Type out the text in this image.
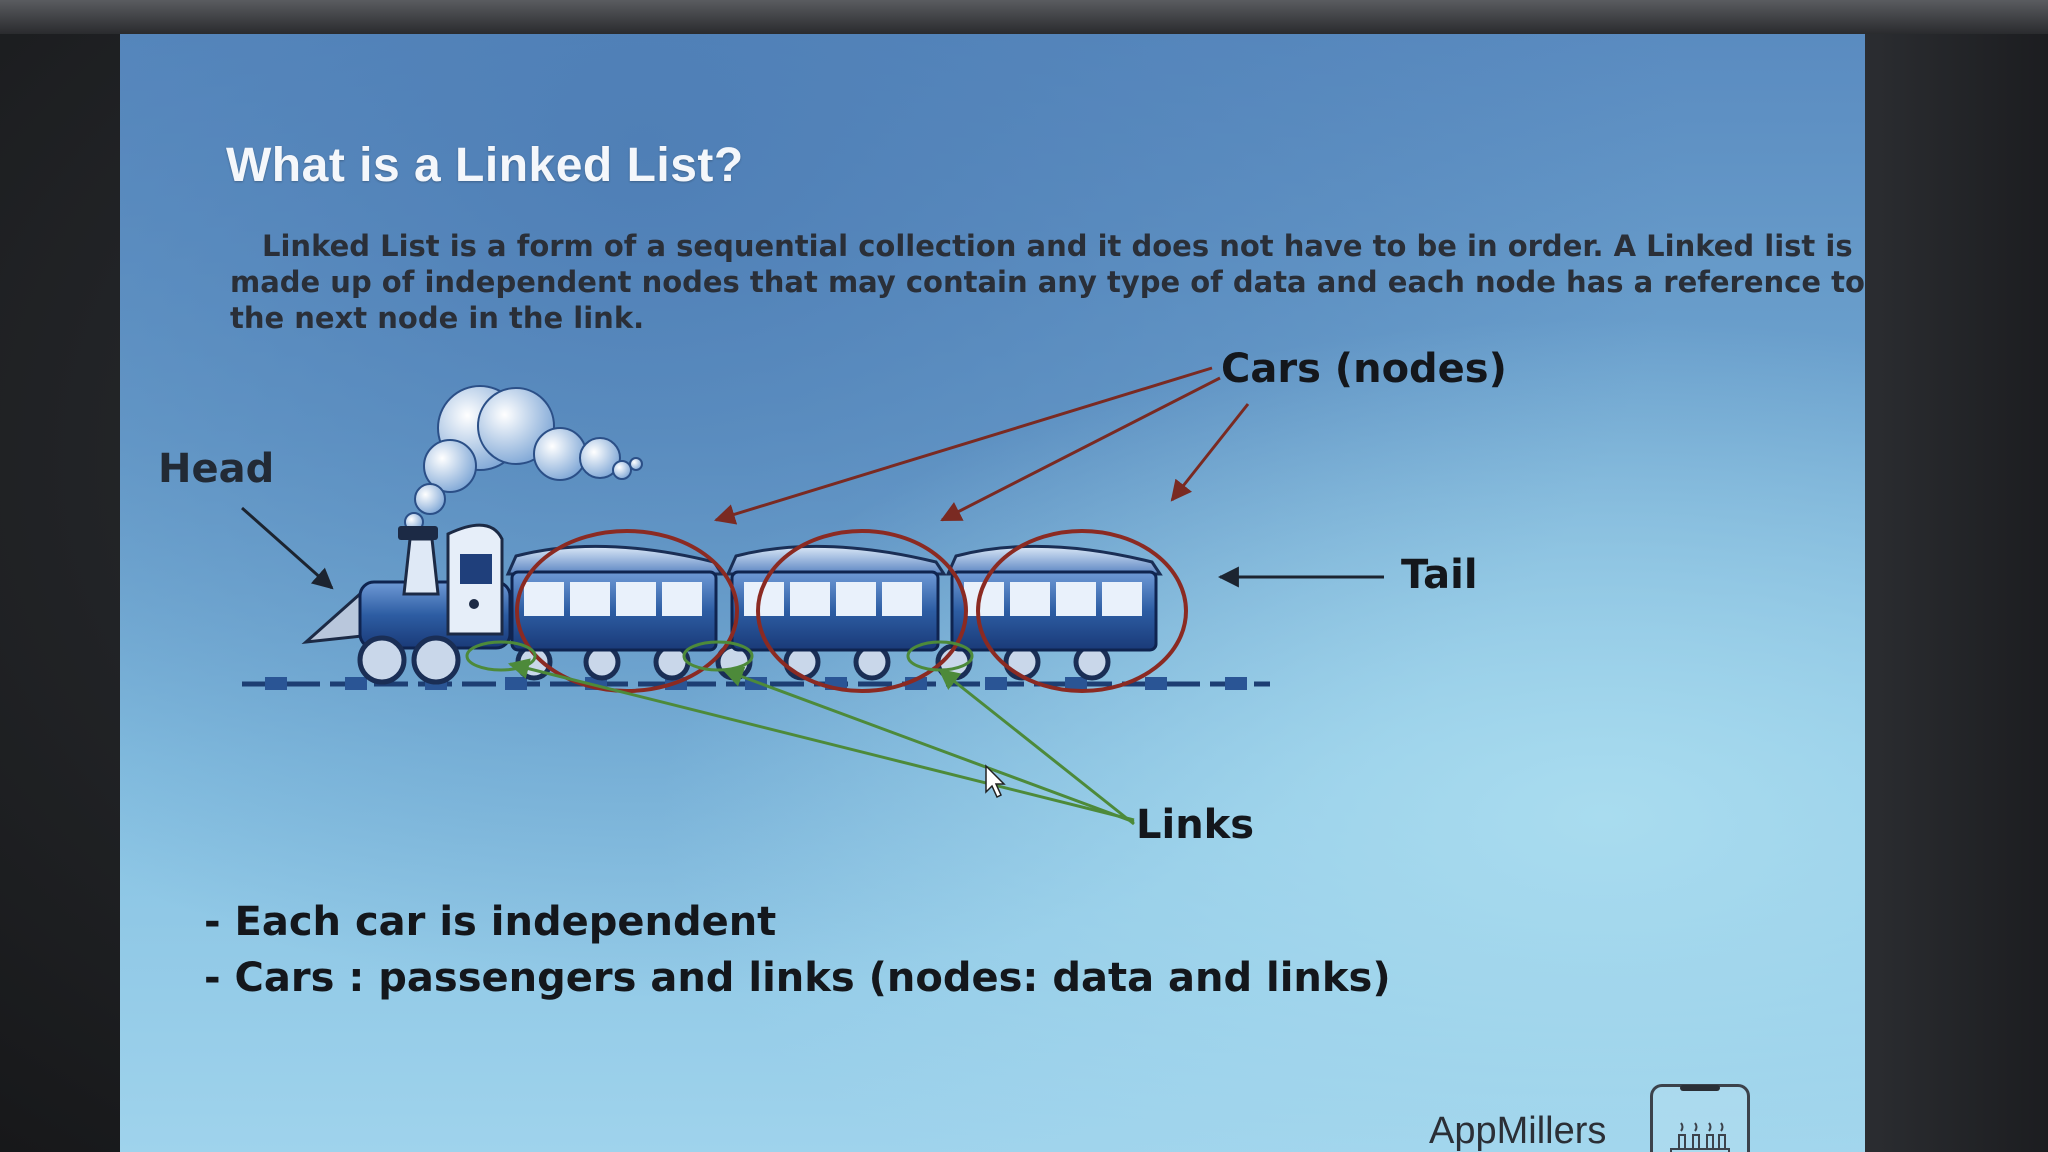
What is a Linked List?
Linked List is a form of a sequential collection and it does not have to be in order. A Linked list is made up of independent nodes that may contain any type of data and each node has a reference to the next node in the link.
Head
Cars (nodes)
Tail
Links
- Each car is independent
- Cars : passengers and links (nodes: data and links)
AppMillers
